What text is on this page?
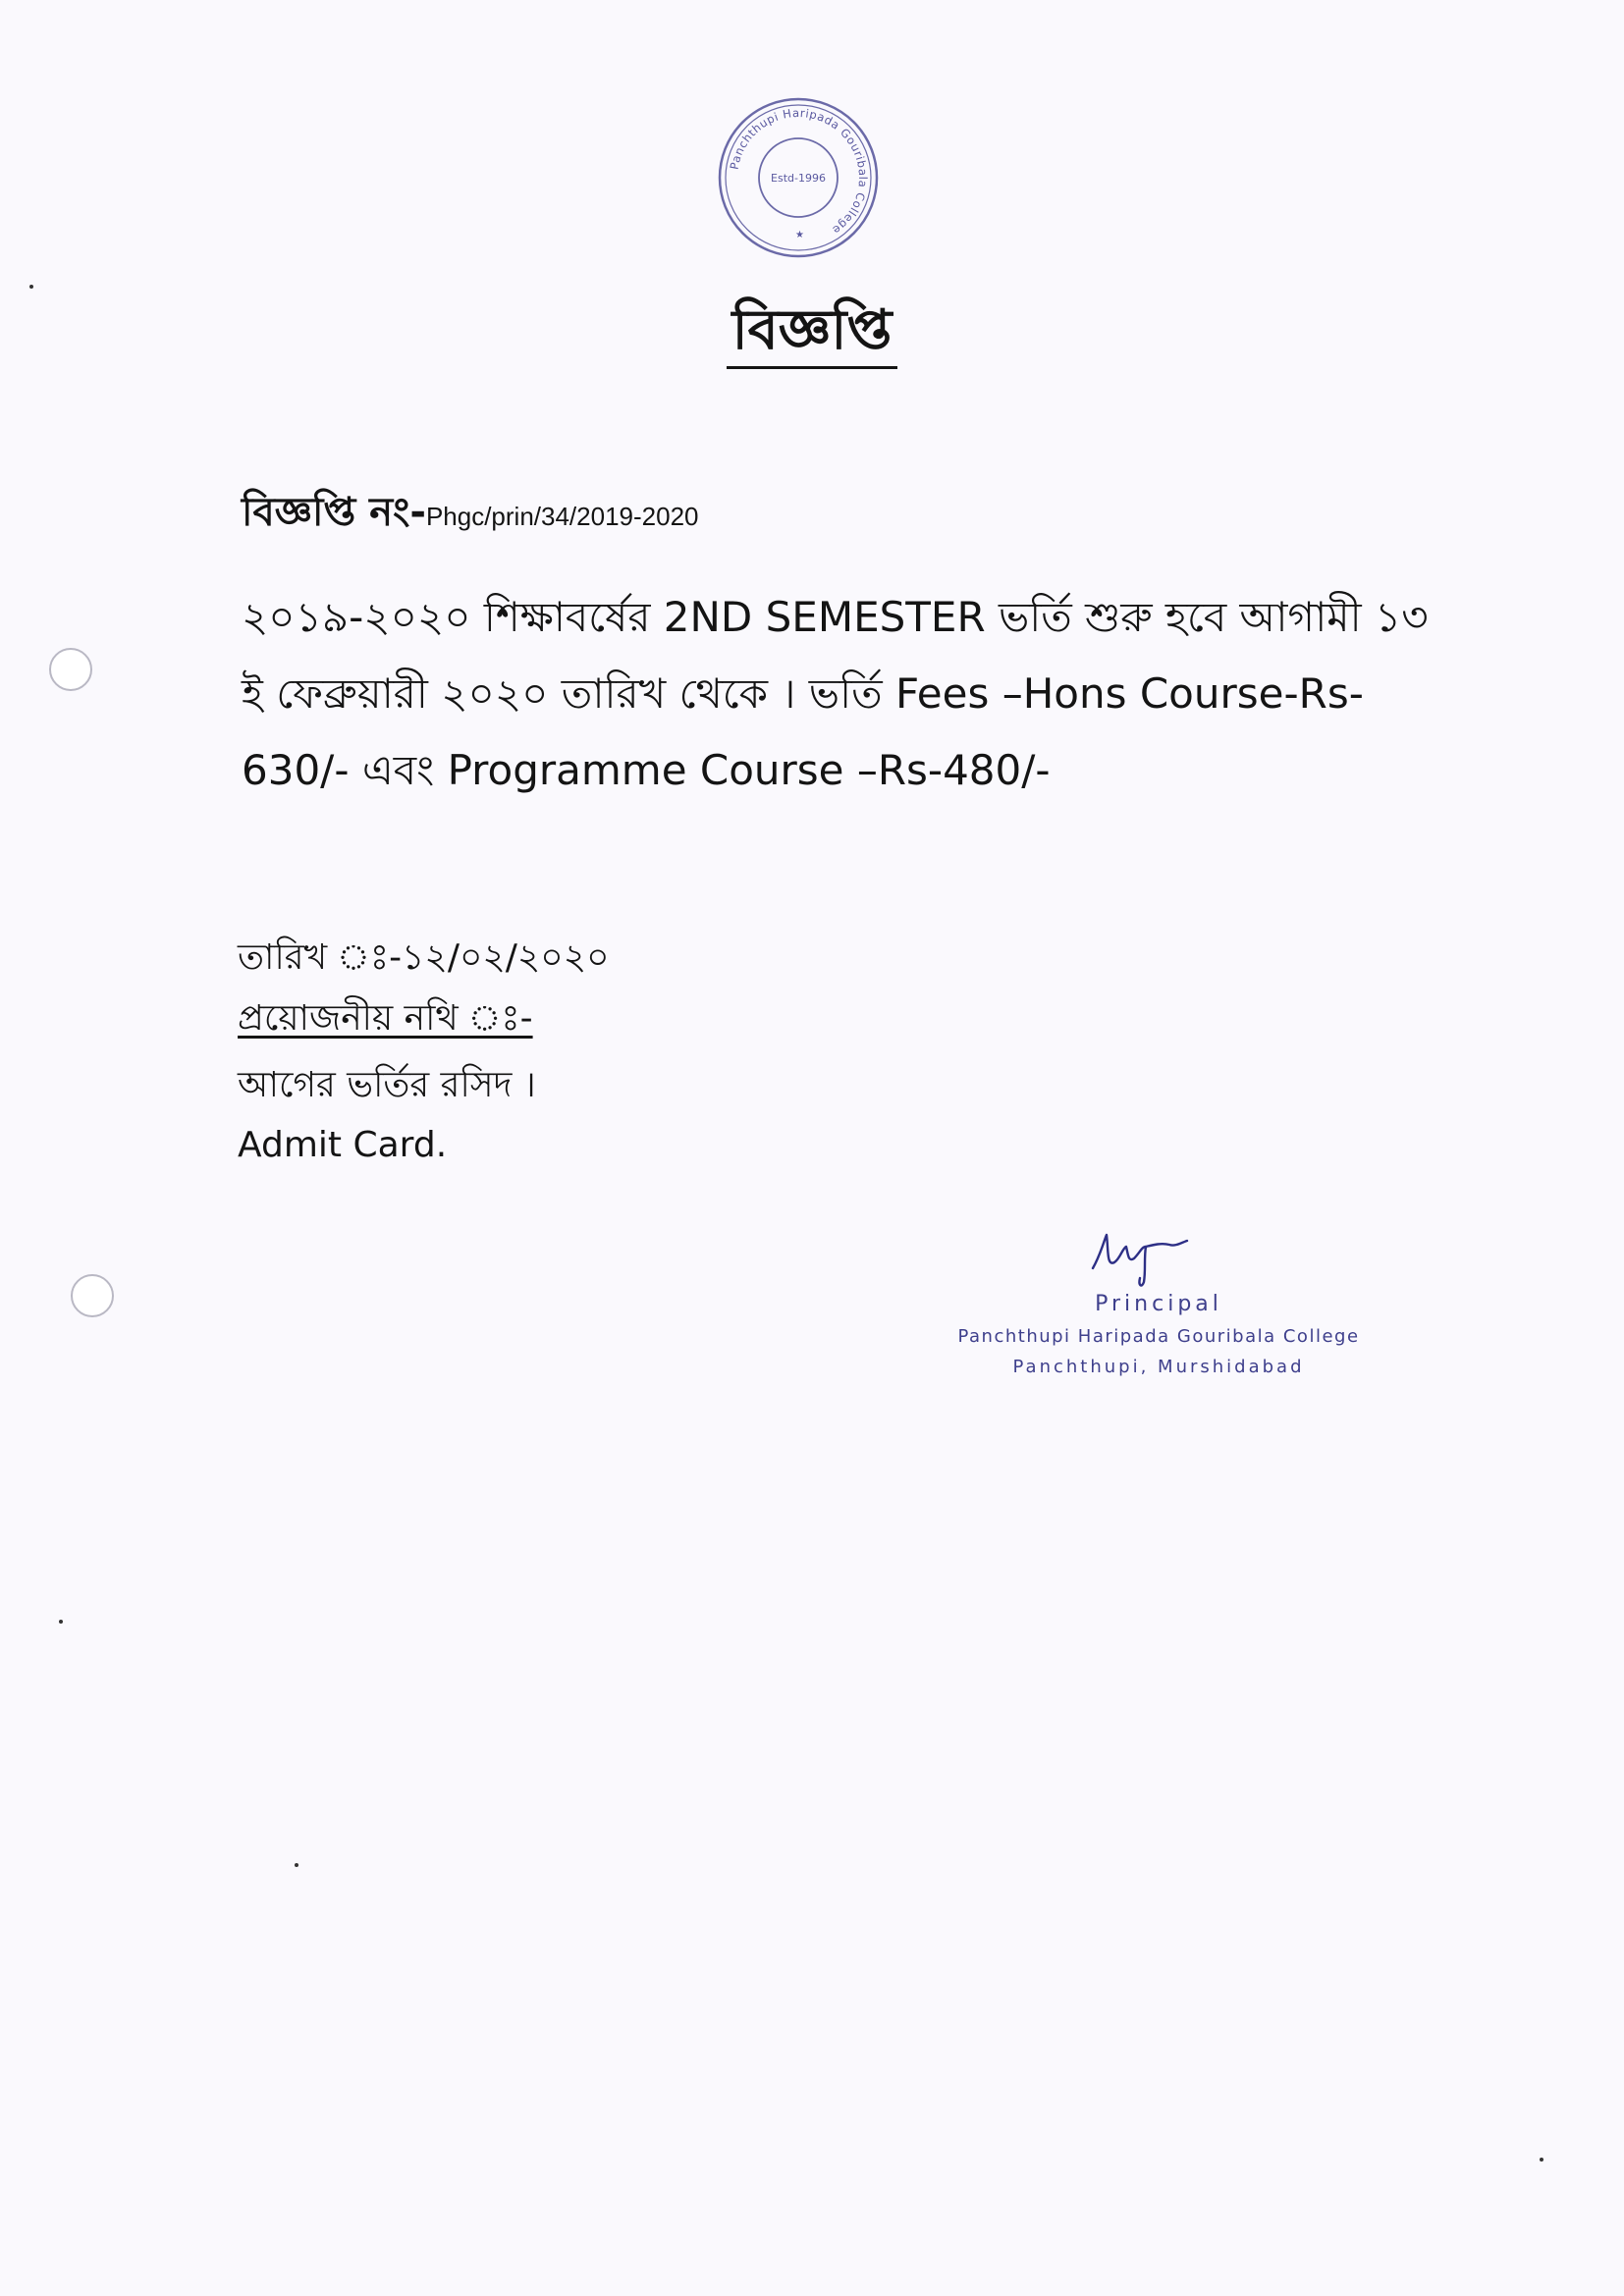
Panchthupi Haripada Gouribala College
Estd-1996
★
বিজ্ঞপ্তি
বিজ্ঞপ্তি নং-Phgc/prin/34/2019-2020
২০১৯-২০২০ শিক্ষাবর্ষের 2ND SEMESTER ভর্তি শুরু হবে আগামী ১৩
ই ফেব্রুয়ারী ২০২০ তারিখ থেকে । ভর্তি Fees –Hons Course-Rs-
630/- এবং Programme Course –Rs-480/-
তারিখ ঃ-১২/০২/২০২০
প্রয়োজনীয় নথি ঃ-
আগের ভর্তির রসিদ ।
Admit Card.
Principal
Panchthupi Haripada Gouribala College
Panchthupi, Murshidabad
